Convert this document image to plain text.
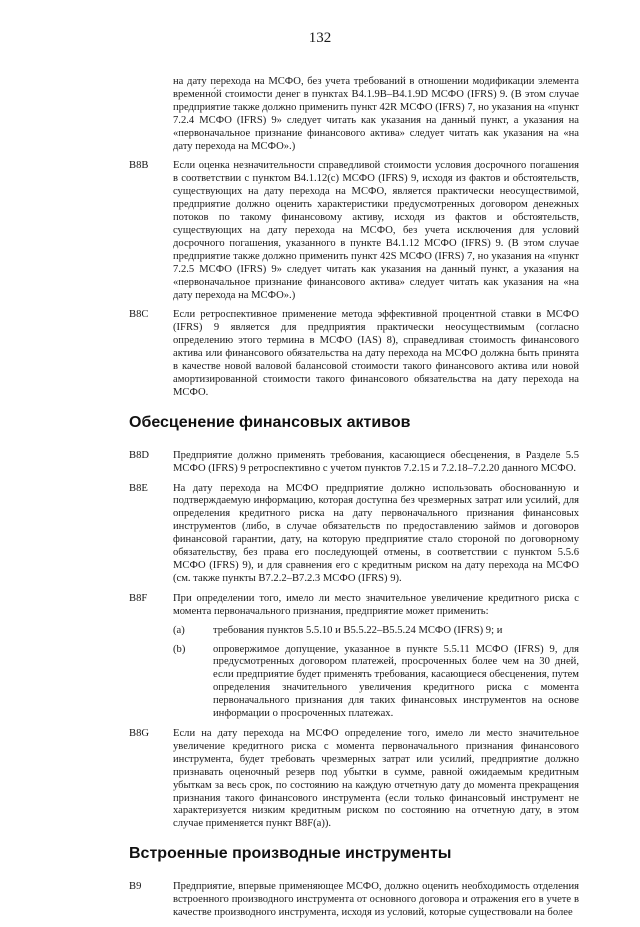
132
на дату перехода на МСФО, без учета требований в отношении модификации элемента временно́й стоимости денег в пунктах B4.1.9B–B4.1.9D МСФО (IFRS) 9. (В этом случае предприятие также должно применить пункт 42R МСФО (IFRS) 7, но указания на «пункт 7.2.4 МСФО (IFRS) 9» следует читать как указания на данный пункт, а указания на «первоначальное признание финансового актива» следует читать как указания на «на дату перехода на МСФО».)
B8B	Если оценка незначительности справедливой стоимости условия досрочного погашения в соответствии с пунктом B4.1.12(c) МСФО (IFRS) 9, исходя из фактов и обстоятельств, существующих на дату перехода на МСФО, является практически неосуществимой, предприятие должно оценить характеристики предусмотренных договором денежных потоков по такому финансовому активу, исходя из фактов и обстоятельств, существующих на дату перехода на МСФО, без учета исключения для условий досрочного погашения, указанного в пункте B4.1.12 МСФО (IFRS) 9. (В этом случае предприятие также должно применить пункт 42S МСФО (IFRS) 7, но указания на «пункт 7.2.5 МСФО (IFRS) 9» следует читать как указания на данный пункт, а указания на «первоначальное признание финансового актива» следует читать как указания на «на дату перехода на МСФО».)
B8C	Если ретроспективное применение метода эффективной процентной ставки в МСФО (IFRS) 9 является для предприятия практически неосуществимым (согласно определению этого термина в МСФО (IAS) 8), справедливая стоимость финансового актива или финансового обязательства на дату перехода на МСФО должна быть принята в качестве новой валовой балансовой стоимости такого финансового актива или новой амортизированной стоимости такого финансового обязательства на дату перехода на МСФО.
Обесценение финансовых активов
B8D	Предприятие должно применять требования, касающиеся обесценения, в Разделе 5.5 МСФО (IFRS) 9 ретроспективно с учетом пунктов 7.2.15 и 7.2.18–7.2.20 данного МСФО.
B8E	На дату перехода на МСФО предприятие должно использовать обоснованную и подтверждаемую информацию, которая доступна без чрезмерных затрат или усилий, для определения кредитного риска на дату первоначального признания финансовых инструментов (либо, в случае обязательств по предоставлению займов и договоров финансовой гарантии, дату, на которую предприятие стало стороной по договорному обязательству, без права его последующей отмены, в соответствии с пунктом 5.5.6 МСФО (IFRS) 9), и для сравнения его с кредитным риском на дату перехода на МСФО (см. также пункты B7.2.2–B7.2.3 МСФО (IFRS) 9).
B8F	При определении того, имело ли место значительное увеличение кредитного риска с момента первоначального признания, предприятие может применить:
(a)	требования пунктов 5.5.10 и B5.5.22–B5.5.24 МСФО (IFRS) 9; и
(b)	опровержимое допущение, указанное в пункте 5.5.11 МСФО (IFRS) 9, для предусмотренных договором платежей, просроченных более чем на 30 дней, если предприятие будет применять требования, касающиеся обесценения, путем определения значительного увеличения кредитного риска с момента первоначального признания для таких финансовых инструментов на основе информации о просроченных платежах.
B8G	Если на дату перехода на МСФО определение того, имело ли место значительное увеличение кредитного риска с момента первоначального признания финансового инструмента, будет требовать чрезмерных затрат или усилий, предприятие должно признавать оценочный резерв под убытки в сумме, равной ожидаемым кредитным убыткам за весь срок, по состоянию на каждую отчетную дату до момента прекращения признания такого финансового инструмента (если только финансовый инструмент не характеризуется низким кредитным риском по состоянию на отчетную дату, в этом случае применяется пункт B8F(a)).
Встроенные производные инструменты
B9	Предприятие, впервые применяющее МСФО, должно оценить необходимость отделения встроенного производного инструмента от основного договора и отражения его в учете в качестве производного инструмента, исходя из условий, которые существовали на более
